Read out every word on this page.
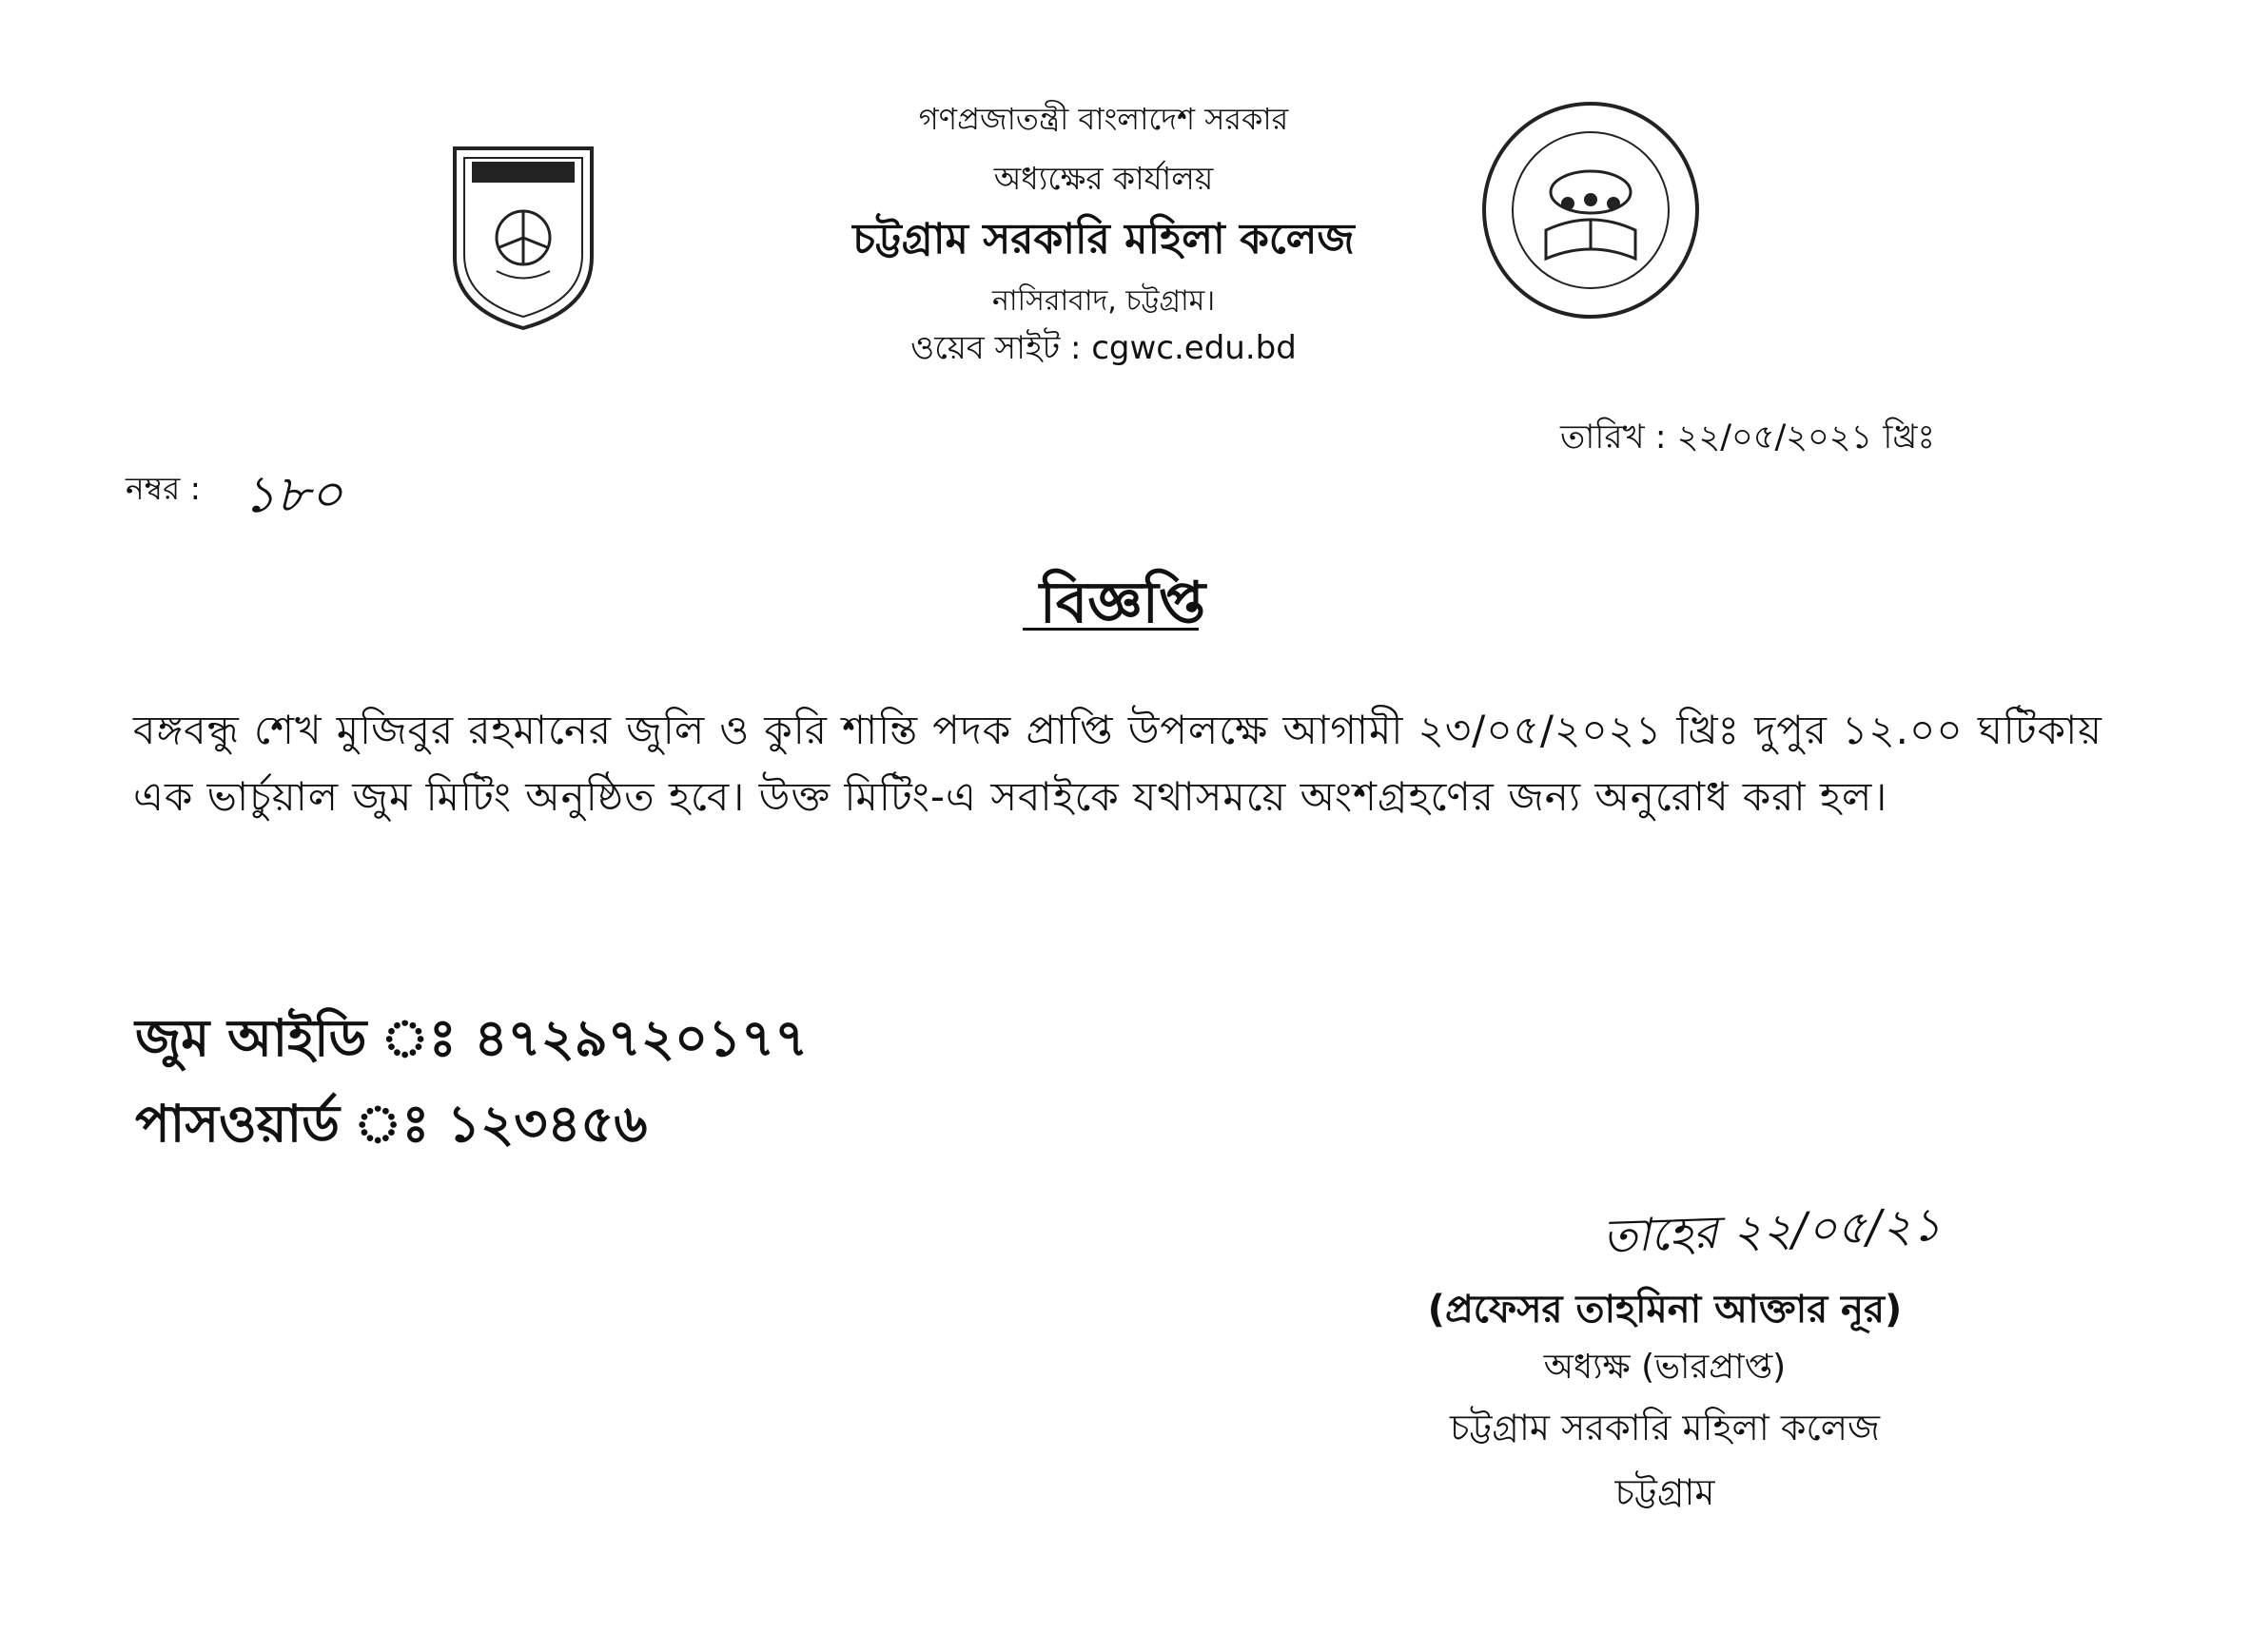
গণপ্রজাতন্ত্রী বাংলাদেশ সরকার
অধ্যক্ষের কার্যালয়
চট্টগ্রাম সরকারি মহিলা কলেজ
নাসিরাবাদ, চট্টগ্রাম।
ওয়েব সাইট : cgwc.edu.bd
তারিখ : ২২/০৫/২০২১ খ্রিঃ
নম্বর : ১৮০
বিজ্ঞপ্তি
বঙ্গবন্ধু শেখ মুজিবুর রহমানের জুলি ও কুরি শান্তি পদক প্রাপ্তি উপলক্ষে আগামী ২৩/০৫/২০২১ খ্রিঃ দুপুর ১২.০০ ঘটিকায় এক ভার্চুয়াল জুম মিটিং অনুষ্ঠিত হবে। উক্ত মিটিং-এ সবাইকে যথাসময়ে অংশগ্রহণের জন্য অনুরোধ করা হল।
জুম আইডি ঃ ৪৭২৯৭২০১৭৭
পাসওয়ার্ড ঃ ১২৩৪৫৬
তাহের ২২/০৫/২১
(প্রফেসর তাহমিনা আক্তার নূর)
অধ্যক্ষ (ভারপ্রাপ্ত)
চট্টগ্রাম সরকারি মহিলা কলেজ
চট্টগ্রাম
